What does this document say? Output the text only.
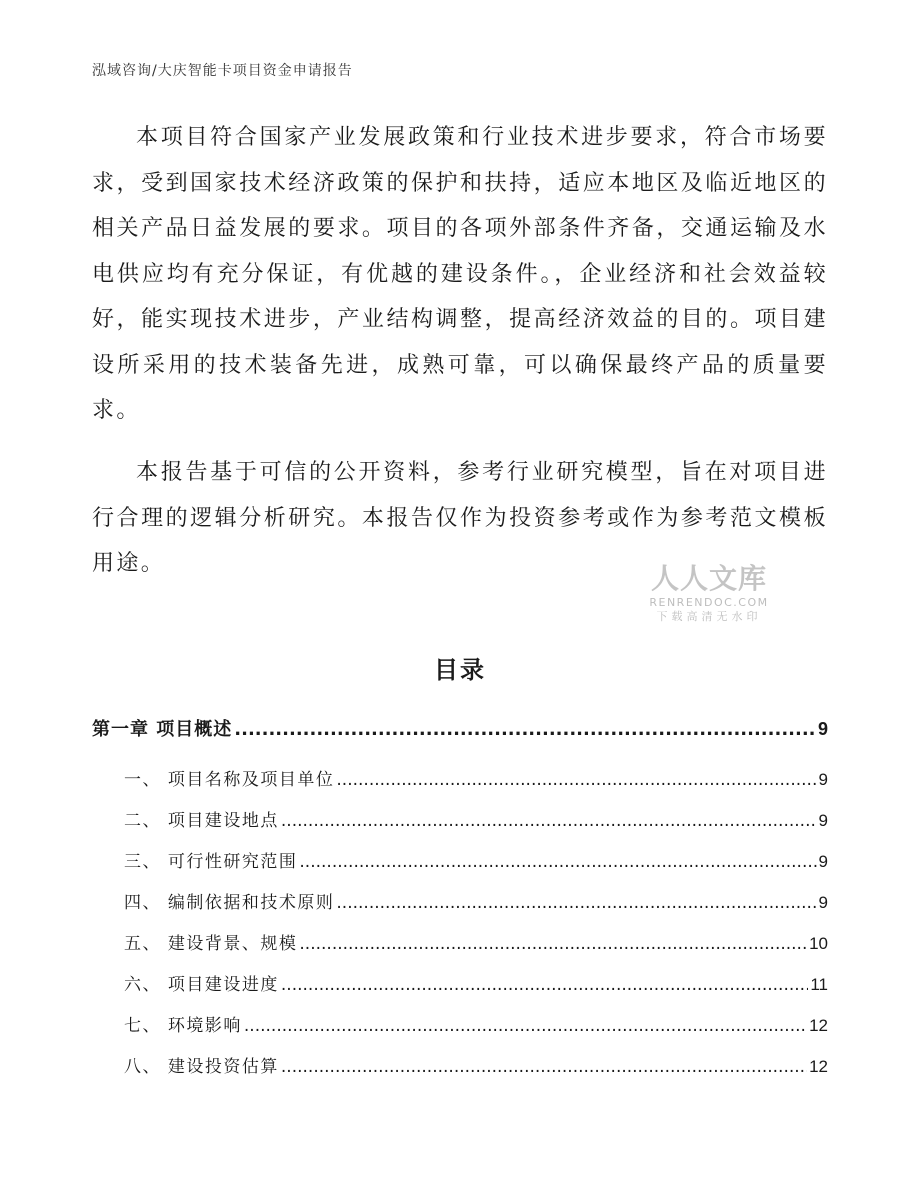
泓域咨询/大庆智能卡项目资金申请报告

本项目符合国家产业发展政策和行业技术进步要求，符合市场要求，受到国家技术经济政策的保护和扶持，适应本地区及临近地区的相关产品日益发展的要求。项目的各项外部条件齐备，交通运输及水电供应均有充分保证，有优越的建设条件。，企业经济和社会效益较好，能实现技术进步，产业结构调整，提高经济效益的目的。项目建设所采用的技术装备先进，成熟可靠，可以确保最终产品的质量要求。

本报告基于可信的公开资料，参考行业研究模型，旨在对项目进行合理的逻辑分析研究。本报告仅作为投资参考或作为参考范文模板用途。	人人文库
RENRENDOC.COM
下载高清无水印
目录
第一章 项目概述 .....	9
一、 项目名称及项目单位 .....	9
二、 项目建设地点 .....	9
三、 可行性研究范围 .....	9
四、 编制依据和技术原则 .....	9
五、 建设背景、规模 .....	10
六、 项目建设进度 .....	11
七、 环境影响 .....	12
八、 建设投资估算 .....	12
